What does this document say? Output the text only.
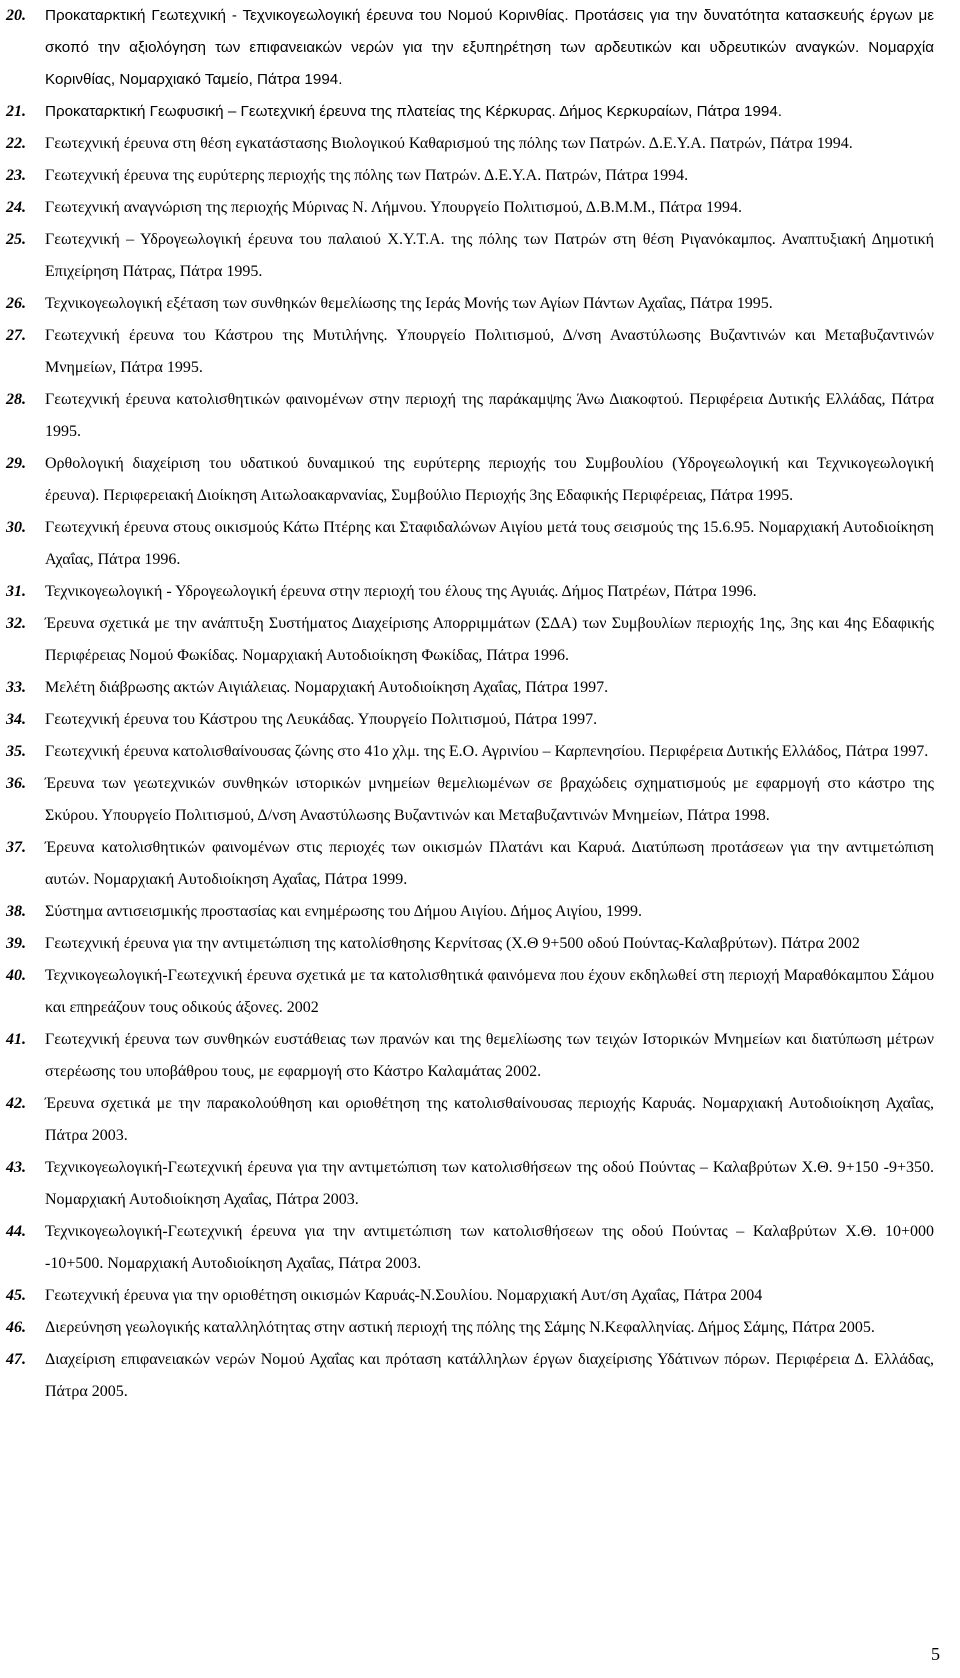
20.	Προκαταρκτική Γεωτεχνική - Τεχνικογεωλογική έρευνα του Νομού Κορινθίας. Προτάσεις για την δυνατότητα κατασκευής έργων με σκοπό την αξιολόγηση των επιφανειακών νερών για την εξυπηρέτηση των αρδευτικών και υδρευτικών αναγκών. Νομαρχία Κορινθίας, Νομαρχιακό Ταμείο, Πάτρα 1994.
21.	Προκαταρκτική Γεωφυσική – Γεωτεχνική έρευνα της πλατείας της Κέρκυρας. Δήμος Κερκυραίων, Πάτρα 1994.
22.	Γεωτεχνική έρευνα στη θέση εγκατάστασης Βιολογικού Καθαρισμού της πόλης των Πατρών. Δ.Ε.Υ.Α. Πατρών, Πάτρα 1994.
23.	Γεωτεχνική έρευνα της ευρύτερης περιοχής της πόλης των Πατρών. Δ.Ε.Υ.Α. Πατρών, Πάτρα 1994.
24.	Γεωτεχνική αναγνώριση της περιοχής Μύρινας Ν. Λήμνου. Υπουργείο Πολιτισμού, Δ.Β.Μ.Μ., Πάτρα 1994.
25.	Γεωτεχνική – Υδρογεωλογική έρευνα του παλαιού Χ.Υ.Τ.Α. της πόλης των Πατρών στη θέση Ριγανόκαμπος. Αναπτυξιακή Δημοτική Επιχείρηση Πάτρας, Πάτρα 1995.
26.	Τεχνικογεωλογική εξέταση των συνθηκών θεμελίωσης της Ιεράς Μονής των Αγίων Πάντων Αχαΐας, Πάτρα 1995.
27.	Γεωτεχνική έρευνα του Κάστρου της Μυτιλήνης. Υπουργείο Πολιτισμού, Δ/νση Αναστύλωσης Βυζαντινών και Μεταβυζαντινών Μνημείων, Πάτρα 1995.
28.	Γεωτεχνική έρευνα κατολισθητικών φαινομένων στην περιοχή της παράκαμψης Άνω Διακοφτού. Περιφέρεια Δυτικής Ελλάδας, Πάτρα 1995.
29.	Ορθολογική διαχείριση του υδατικού δυναμικού της ευρύτερης περιοχής του Συμβουλίου (Υδρογεωλογική και Τεχνικογεωλογική έρευνα). Περιφερειακή Διοίκηση Αιτωλοακαρνανίας, Συμβούλιο Περιοχής 3ης Εδαφικής Περιφέρειας, Πάτρα 1995.
30.	Γεωτεχνική έρευνα στους οικισμούς Κάτω Πτέρης και Σταφιδαλώνων Αιγίου μετά τους σεισμούς της 15.6.95. Νομαρχιακή Αυτοδιοίκηση Αχαΐας, Πάτρα 1996.
31.	Τεχνικογεωλογική - Υδρογεωλογική έρευνα στην περιοχή του έλους της Αγυιάς. Δήμος Πατρέων, Πάτρα 1996.
32.	Έρευνα σχετικά με την ανάπτυξη Συστήματος Διαχείρισης Απορριμμάτων (ΣΔΑ) των Συμβουλίων περιοχής 1ης, 3ης και 4ης Εδαφικής Περιφέρειας Νομού Φωκίδας. Νομαρχιακή Αυτοδιοίκηση Φωκίδας, Πάτρα 1996.
33.	Μελέτη διάβρωσης ακτών Αιγιάλειας. Νομαρχιακή Αυτοδιοίκηση Αχαΐας, Πάτρα 1997.
34.	Γεωτεχνική έρευνα του Κάστρου της Λευκάδας. Υπουργείο Πολιτισμού, Πάτρα 1997.
35.	Γεωτεχνική έρευνα κατολισθαίνουσας ζώνης στο 41ο χλμ. της Ε.Ο. Αγρινίου – Καρπενησίου. Περιφέρεια Δυτικής Ελλάδος, Πάτρα 1997.
36.	Έρευνα των γεωτεχνικών συνθηκών ιστορικών μνημείων θεμελιωμένων σε βραχώδεις σχηματισμούς με εφαρμογή στο κάστρο της Σκύρου. Υπουργείο Πολιτισμού, Δ/νση Αναστύλωσης Βυζαντινών και Μεταβυζαντινών Μνημείων, Πάτρα 1998.
37.	Έρευνα κατολισθητικών φαινομένων στις περιοχές των οικισμών Πλατάνι και Καρυά. Διατύπωση προτάσεων για την αντιμετώπιση αυτών. Νομαρχιακή Αυτοδιοίκηση Αχαΐας, Πάτρα 1999.
38.	Σύστημα αντισεισμικής προστασίας και ενημέρωσης του Δήμου Αιγίου. Δήμος Αιγίου, 1999.
39.	Γεωτεχνική έρευνα για την αντιμετώπιση της κατολίσθησης Κερνίτσας (Χ.Θ 9+500 οδού Πούντας-Καλαβρύτων). Πάτρα 2002
40.	Τεχνικογεωλογική-Γεωτεχνική έρευνα σχετικά με τα κατολισθητικά φαινόμενα που έχουν εκδηλωθεί στη περιοχή Μαραθόκαμπου Σάμου και επηρεάζουν τους οδικούς άξονες. 2002
41.	Γεωτεχνική έρευνα των συνθηκών ευστάθειας των πρανών και της θεμελίωσης των τειχών Ιστορικών Μνημείων και διατύπωση μέτρων στερέωσης του υποβάθρου τους, με εφαρμογή στο Κάστρο Καλαμάτας 2002.
42.	Έρευνα σχετικά με την παρακολούθηση και οριοθέτηση της κατολισθαίνουσας περιοχής Καρυάς. Νομαρχιακή Αυτοδιοίκηση Αχαΐας, Πάτρα 2003.
43.	Τεχνικογεωλογική-Γεωτεχνική έρευνα για την αντιμετώπιση των κατολισθήσεων της οδού Πούντας – Καλαβρύτων Χ.Θ. 9+150 -9+350. Νομαρχιακή Αυτοδιοίκηση Αχαΐας, Πάτρα 2003.
44.	Τεχνικογεωλογική-Γεωτεχνική έρευνα για την αντιμετώπιση των κατολισθήσεων της οδού Πούντας – Καλαβρύτων Χ.Θ. 10+000 -10+500. Νομαρχιακή Αυτοδιοίκηση Αχαΐας, Πάτρα 2003.
45.	Γεωτεχνική έρευνα για την οριοθέτηση οικισμών Καρυάς-Ν.Σουλίου. Νομαρχιακή Αυτ/ση Αχαΐας, Πάτρα 2004
46.	Διερεύνηση γεωλογικής καταλληλότητας στην αστική περιοχή της πόλης της Σάμης Ν.Κεφαλληνίας. Δήμος Σάμης, Πάτρα 2005.
47.	Διαχείριση επιφανειακών νερών Νομού Αχαΐας και πρόταση κατάλληλων έργων διαχείρισης Υδάτινων πόρων. Περιφέρεια Δ. Ελλάδας, Πάτρα 2005.
5
